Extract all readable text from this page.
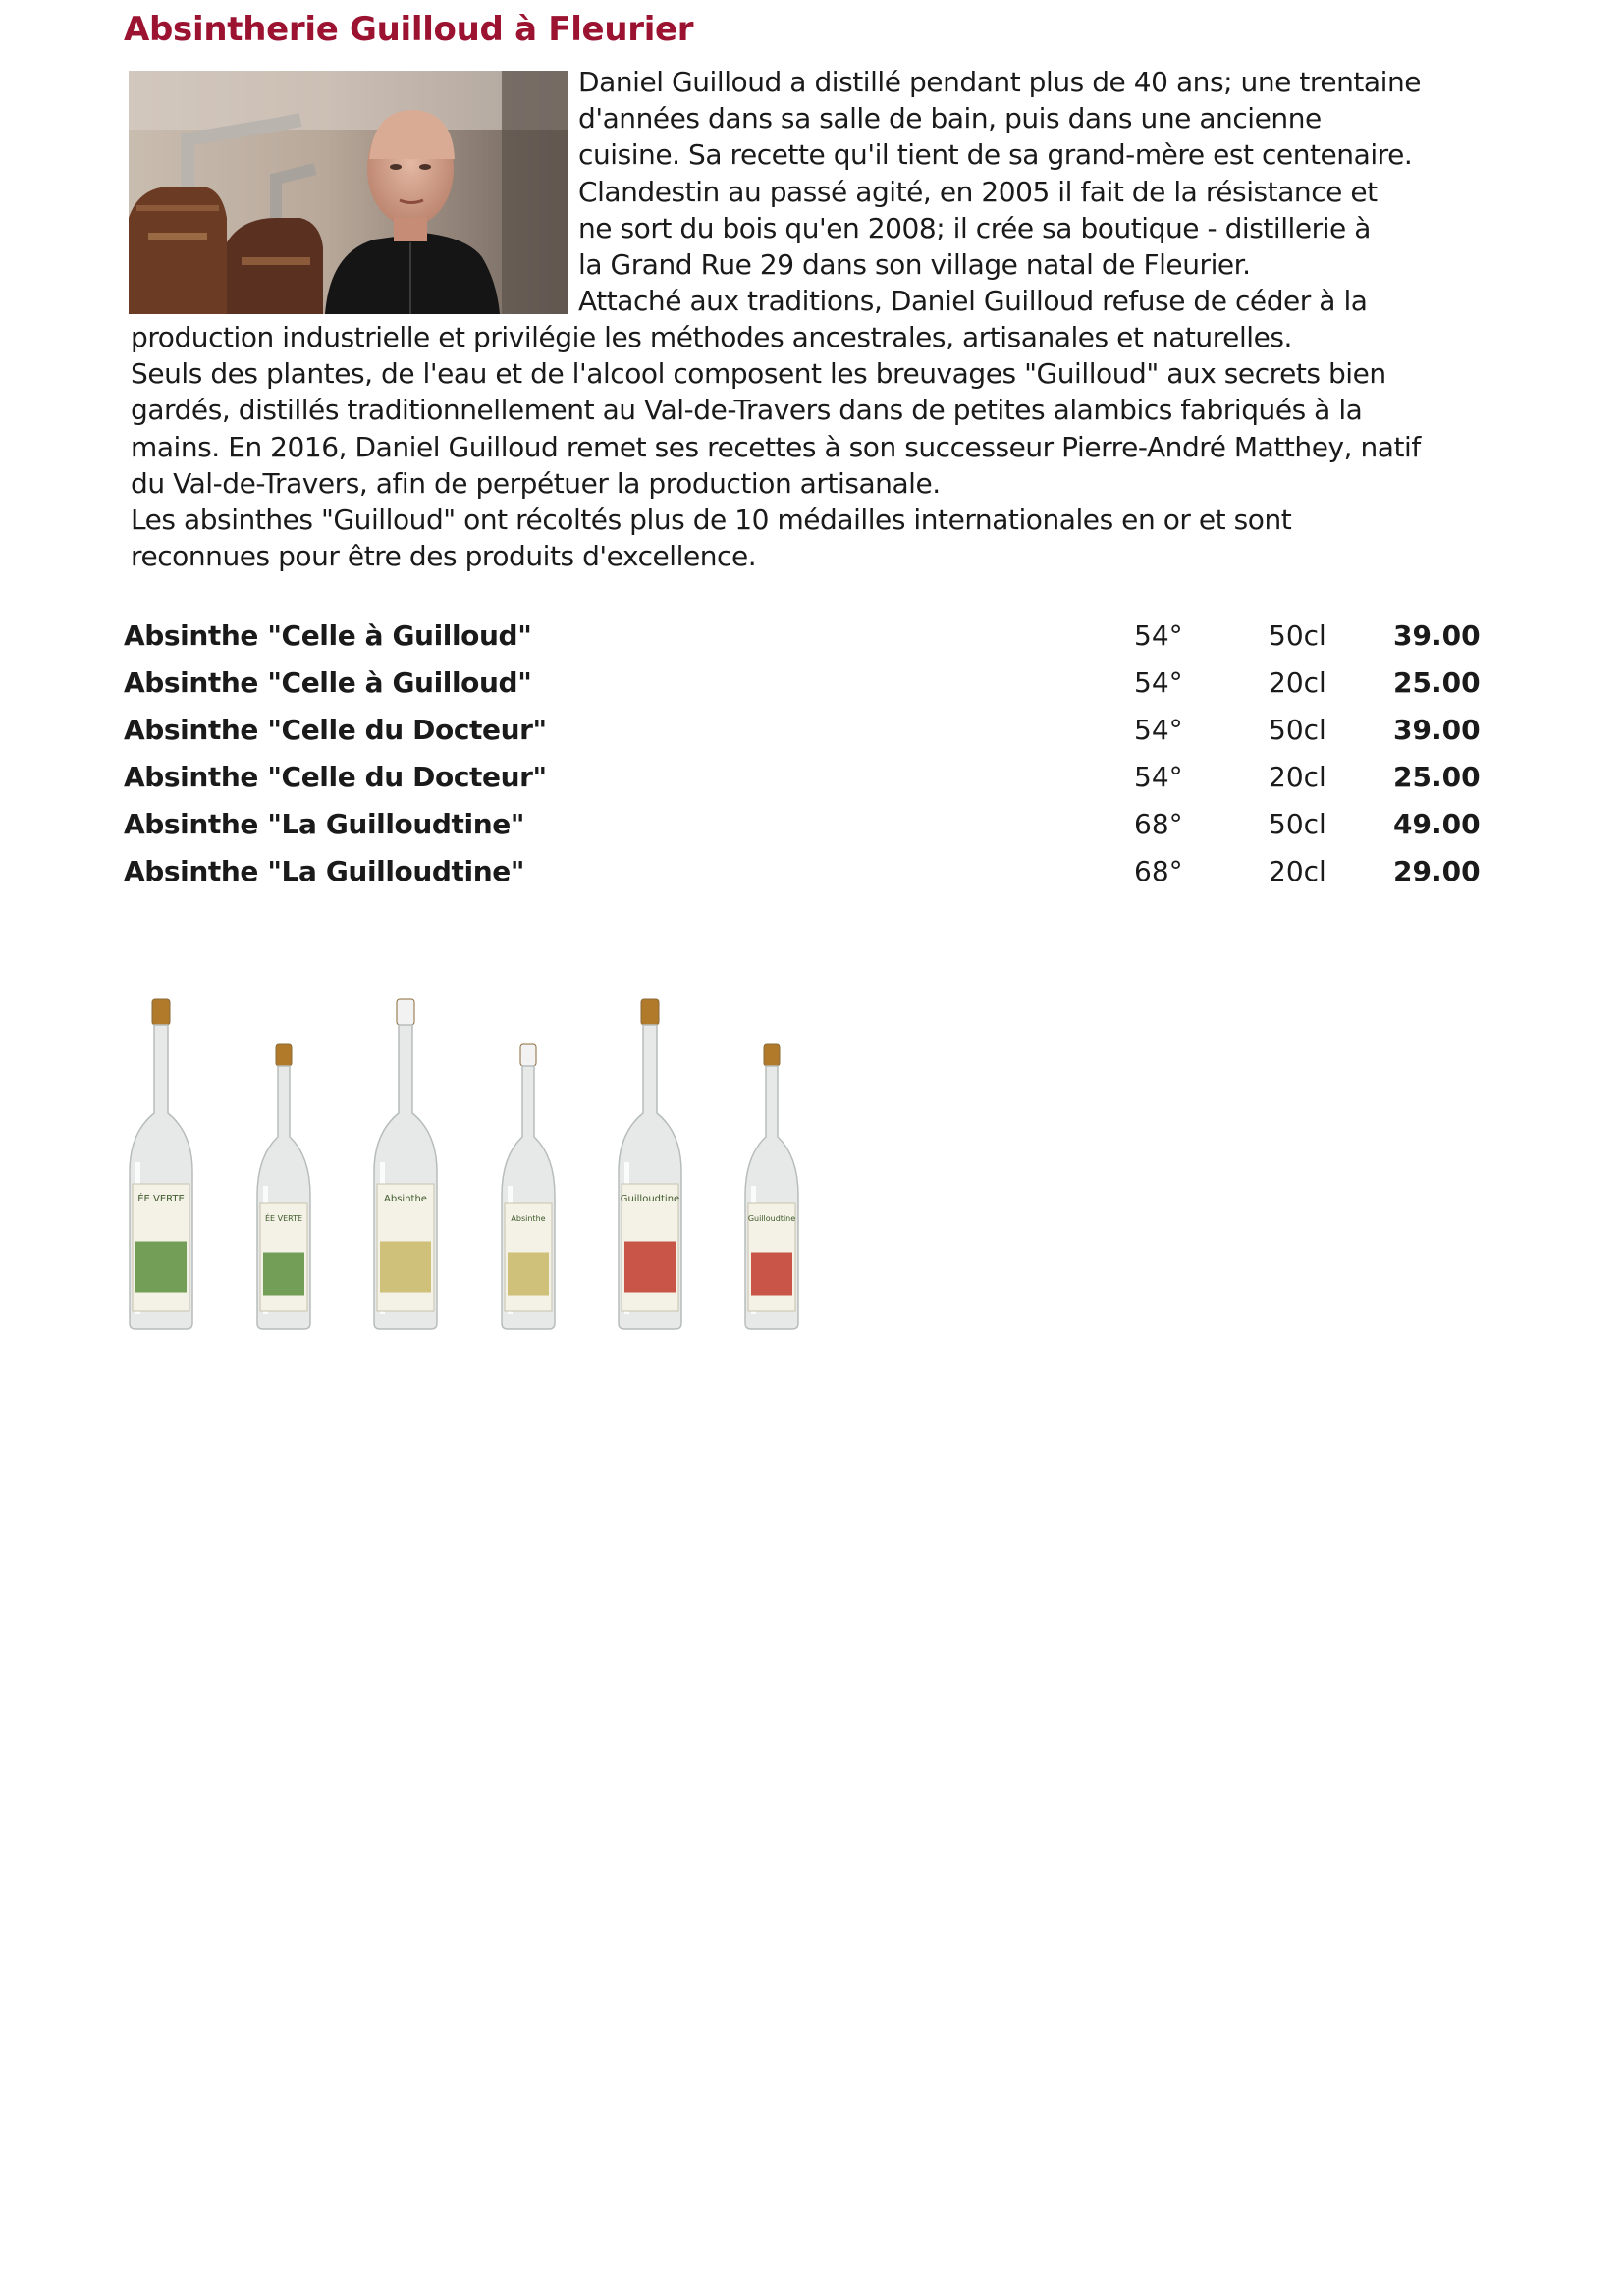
Absintherie Guilloud à Fleurier

Daniel Guilloud a distillé pendant plus de 40 ans; une trentaine

d'années dans sa salle de bain, puis dans une ancienne

cuisine. Sa recette qu'il tient de sa grand-mère est centenaire.

Clandestin au passé agité, en 2005 il fait de la résistance et

ne sort du bois qu'en 2008; il crée sa boutique - distillerie à

la Grand Rue 29 dans son village natal de Fleurier.

Attaché aux traditions, Daniel Guilloud refuse de céder à la

production industrielle et privilégie les méthodes ancestrales, artisanales et naturelles.

Seuls des plantes, de l'eau et de l'alcool composent les breuvages "Guilloud" aux secrets bien

gardés, distillés traditionnellement au Val-de-Travers dans de petites alambics fabriqués à la

mains. En 2016, Daniel Guilloud remet ses recettes à son successeur Pierre-André Matthey, natif

du Val-de-Travers, afin de perpétuer la production artisanale.

Les absinthes "Guilloud" ont récoltés plus de 10 médailles internationales en or et sont

reconnues pour être des produits d'excellence.

Absinthe "Celle à Guilloud"	54°	50cl 39.00
Absinthe "Celle à Guilloud"	54°	20cl 25.00
Absinthe "Celle du Docteur"	54°	50cl 39.00
Absinthe "Celle du Docteur"	54°	20cl 25.00
Absinthe "La Guilloudtine"	68°	50cl 49.00
Absinthe "La Guilloudtine"	68°	20cl 29.00
ÉE VERTE
ÉE VERTE
Absinthe
Absinthe
Guilloudtine
Guilloudtine
